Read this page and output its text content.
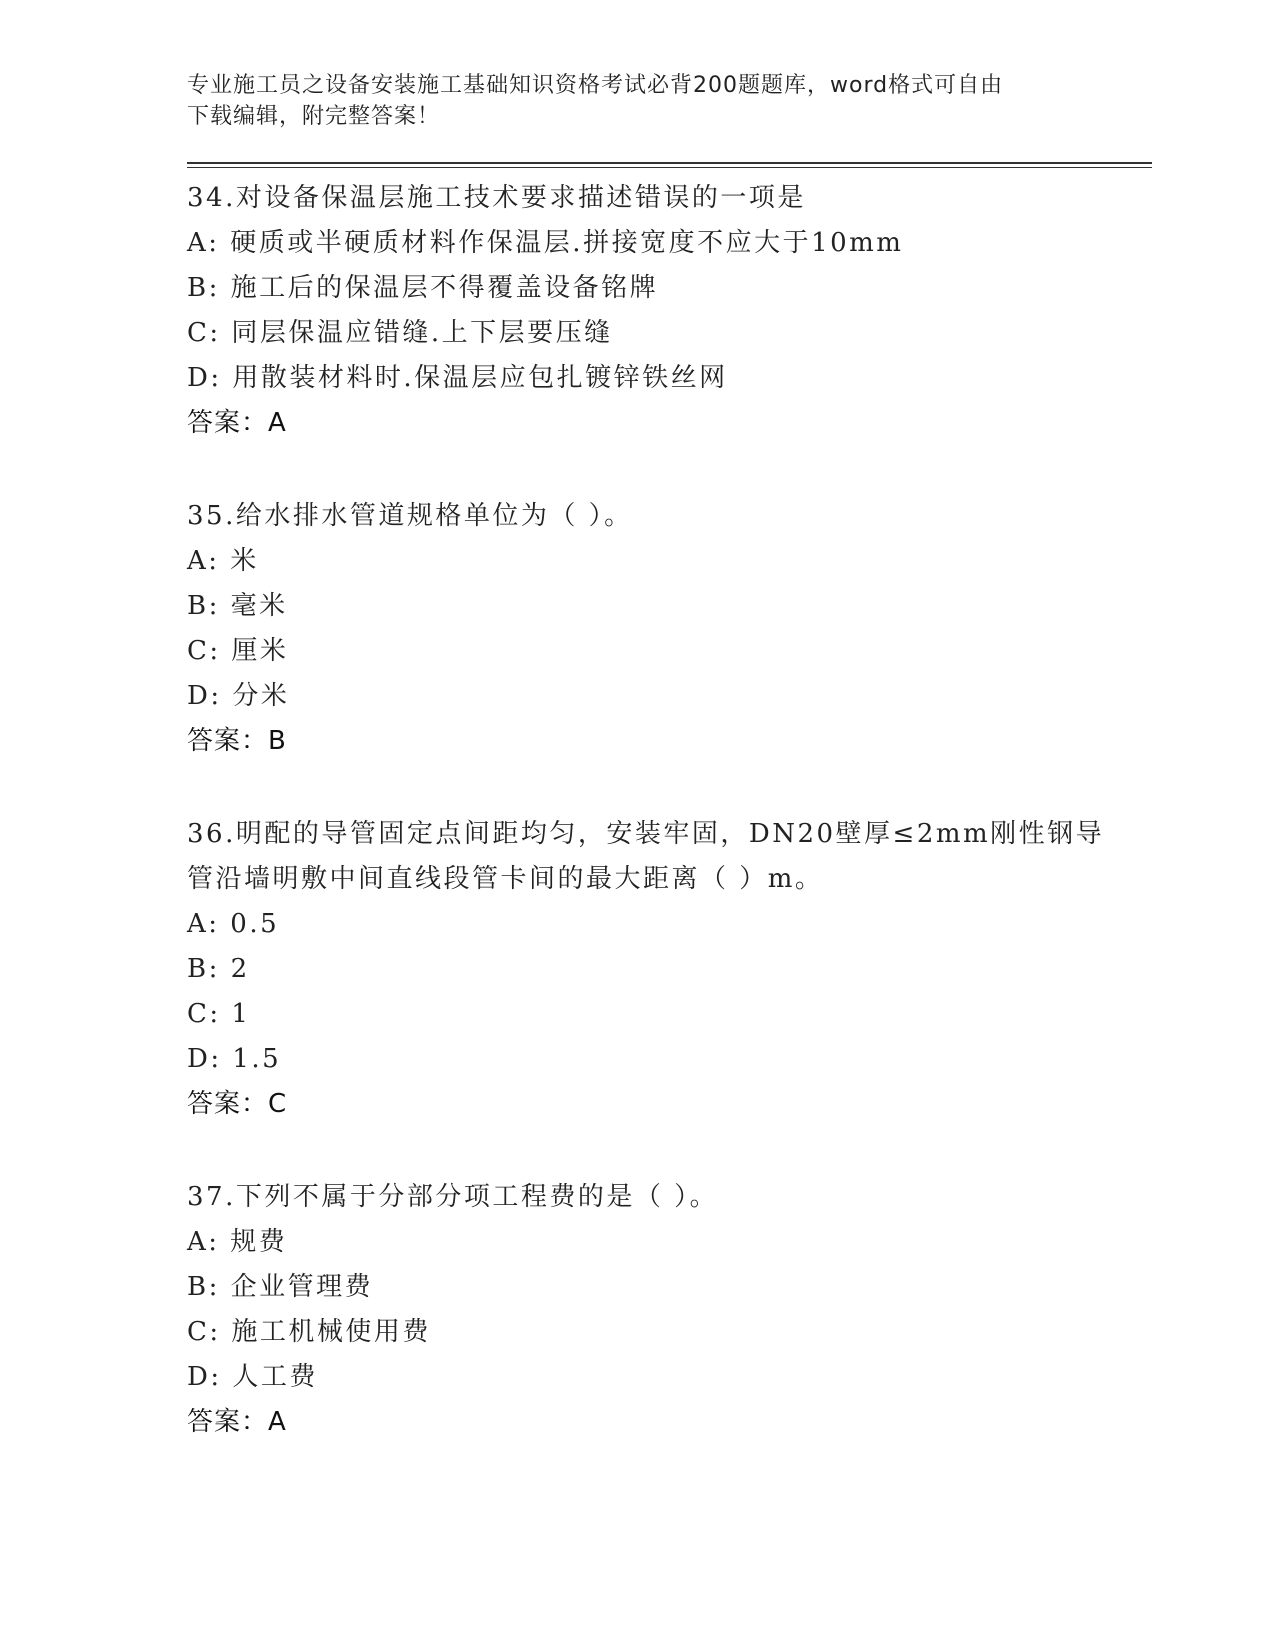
专业施工员之设备安装施工基础知识资格考试必背200题题库，word格式可自由
下载编辑，附完整答案！
34.对设备保温层施工技术要求描述错误的一项是
A: 硬质或半硬质材料作保温层.拼接宽度不应大于10mm
B: 施工后的保温层不得覆盖设备铭牌
C: 同层保温应错缝.上下层要压缝
D: 用散装材料时.保温层应包扎镀锌铁丝网
答案：A
35.给水排水管道规格单位为（ ）。
A: 米
B: 毫米
C: 厘米
D: 分米
答案：B
36.明配的导管固定点间距均匀，安装牢固，DN20壁厚≤2mm刚性钢导
管沿墙明敷中间直线段管卡间的最大距离（ ）m。
A: 0.5
B: 2
C: 1
D: 1.5
答案：C
37.下列不属于分部分项工程费的是（ ）。
A: 规费
B: 企业管理费
C: 施工机械使用费
D: 人工费
答案：A
